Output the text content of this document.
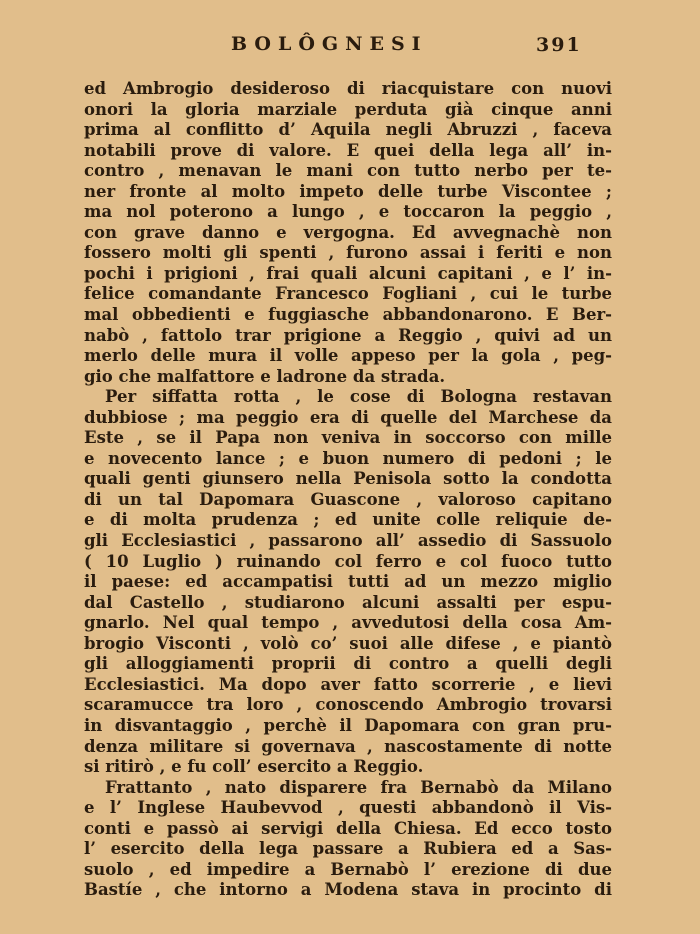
BOLÔGNESI	391
ed Ambrogio desideroso di riacquistare con nuovi
onori la gloria marziale perduta già cinque anni
prima al conflitto d’ Aquila negli Abruzzi , faceva
notabili prove di valore. E quei della lega all’ in-
contro , menavan le mani con tutto nerbo per te-
ner fronte al molto impeto delle turbe Viscontee ;
ma nol poterono a lungo , e toccaron la peggio ,
con grave danno e vergogna. Ed avvegnachè non
fossero molti gli spenti , furono assai i feriti e non
pochi i prigioni , frai quali alcuni capitani , e l’ in-
felice comandante Francesco Fogliani , cui le turbe
mal obbedienti e fuggiasche abbandonarono. E Ber-
nabò , fattolo trar prigione a Reggio , quivi ad un
merlo delle mura il volle appeso per la gola , peg-
gio che malfattore e ladrone da strada.
Per siffatta rotta , le cose di Bologna restavan
dubbiose ; ma peggio era di quelle del Marchese da
Este , se il Papa non veniva in soccorso con mille
e novecento lance ; e buon numero di pedoni ; le
quali genti giunsero nella Penisola sotto la condotta
di un tal Dapomara Guascone , valoroso capitano
e di molta prudenza ; ed unite colle reliquie de-
gli Ecclesiastici , passarono all’ assedio di Sassuolo
( 10 Luglio ) ruinando col ferro e col fuoco tutto
il paese: ed accampatisi tutti ad un mezzo miglio
dal Castello , studiarono alcuni assalti per espu-
gnarlo. Nel qual tempo , avvedutosi della cosa Am-
brogio Visconti , volò co’ suoi alle difese , e piantò
gli alloggiamenti proprii di contro a quelli degli
Ecclesiastici. Ma dopo aver fatto scorrerie , e lievi
scaramucce tra loro , conoscendo Ambrogio trovarsi
in disvantaggio , perchè il Dapomara con gran pru-
denza militare si governava , nascostamente di notte
si ritirò , e fu coll’ esercito a Reggio.
Frattanto , nato disparere fra Bernabò da Milano
e l’ Inglese Haubevvod , questi abbandonò il Vis-
conti e passò ai servigi della Chiesa. Ed ecco tosto
l’ esercito della lega passare a Rubiera ed a Sas-
suolo , ed impedire a Bernabò l’ erezione di due
Bastíe , che intorno a Modena stava in procinto di
